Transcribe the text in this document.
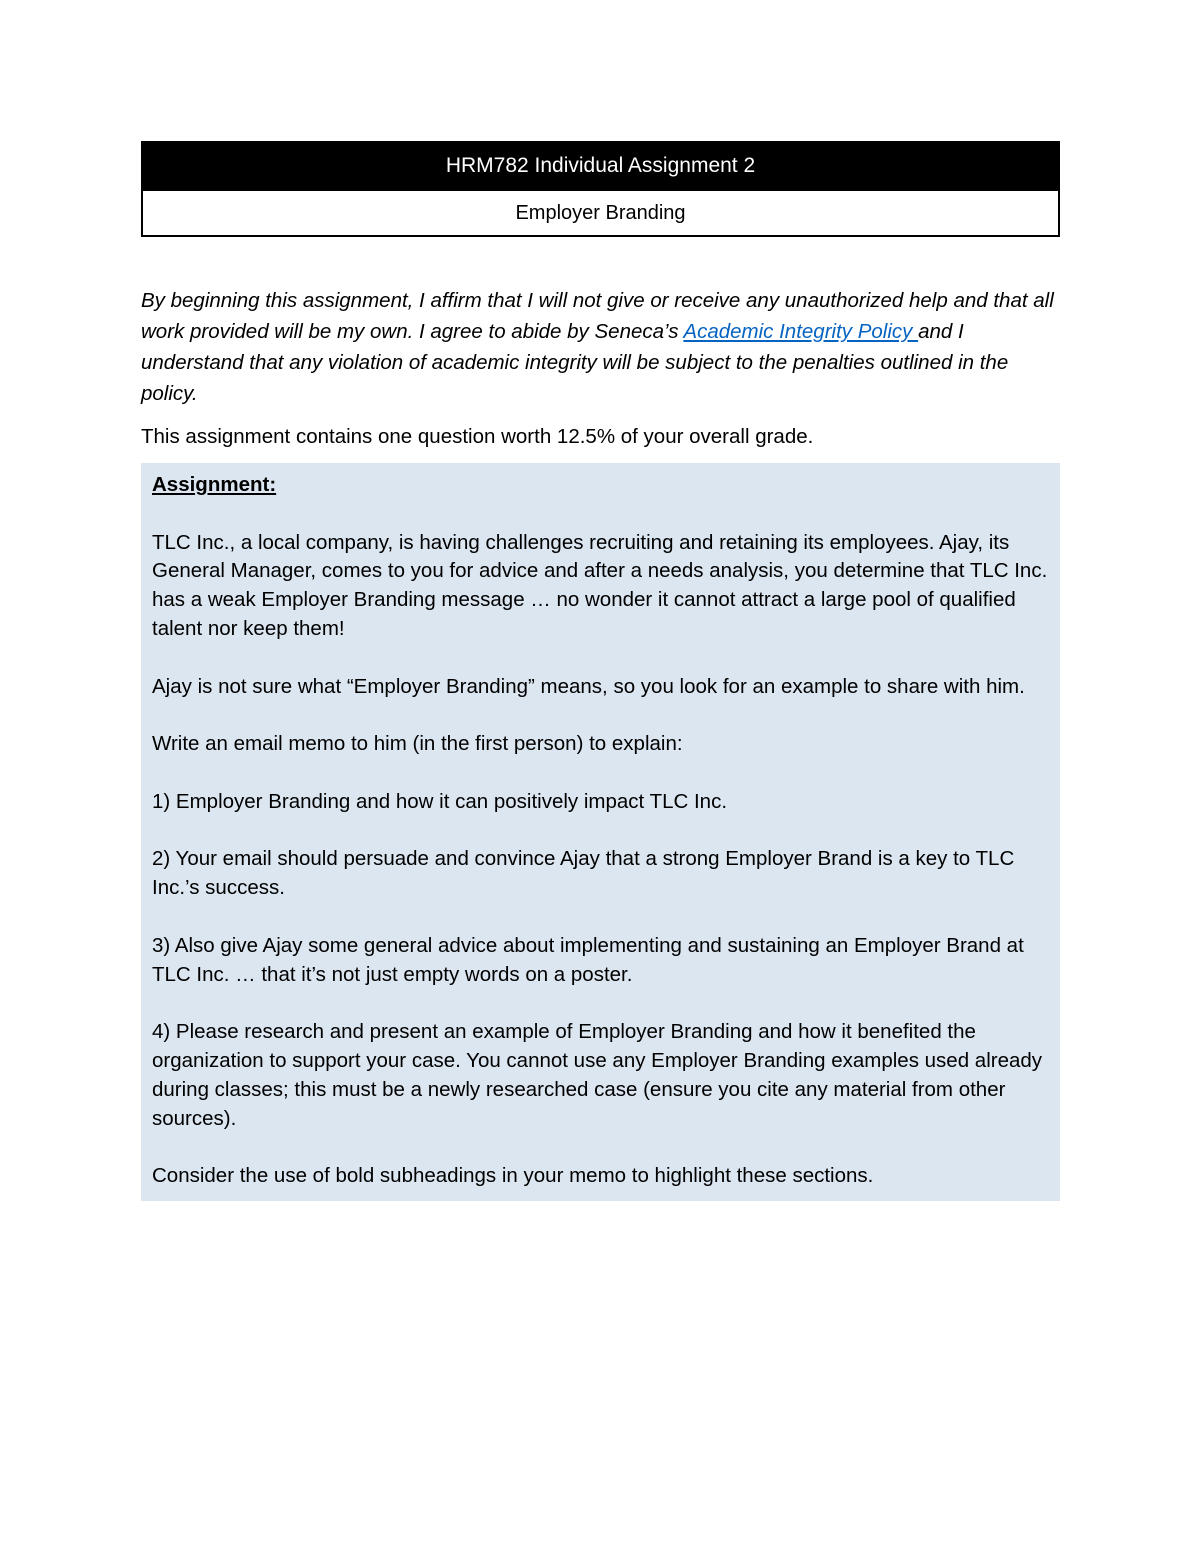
HRM782 Individual Assignment 2
Employer Branding
By beginning this assignment, I affirm that I will not give or receive any unauthorized help and that all work provided will be my own. I agree to abide by Seneca’s Academic Integrity Policy and I understand that any violation of academic integrity will be subject to the penalties outlined in the policy.
This assignment contains one question worth 12.5% of your overall grade.

Assignment:

TLC Inc., a local company, is having challenges recruiting and retaining its employees. Ajay, its General Manager, comes to you for advice and after a needs analysis, you determine that TLC Inc. has a weak Employer Branding message … no wonder it cannot attract a large pool of qualified talent nor keep them!

Ajay is not sure what “Employer Branding” means, so you look for an example to share with him.

Write an email memo to him (in the first person) to explain:

1) Employer Branding and how it can positively impact TLC Inc.

2) Your email should persuade and convince Ajay that a strong Employer Brand is a key to TLC Inc.’s success.

3) Also give Ajay some general advice about implementing and sustaining an Employer Brand at TLC Inc. … that it’s not just empty words on a poster.

4) Please research and present an example of Employer Branding and how it benefited the organization to support your case. You cannot use any Employer Branding examples used already during classes; this must be a newly researched case (ensure you cite any material from other sources).

Consider the use of bold subheadings in your memo to highlight these sections.
